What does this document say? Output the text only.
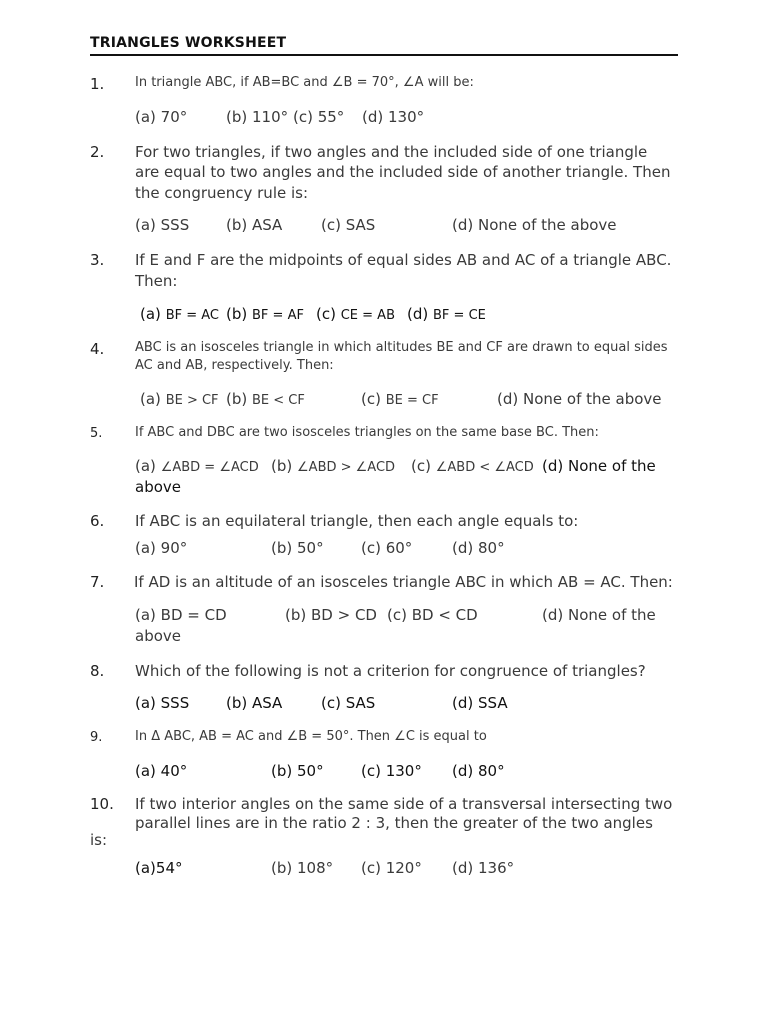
TRIANGLES WORKSHEET
1. In triangle ABC, if AB=BC and ∠B = 70°, ∠A will be:
(a) 70°	(b) 110° (c) 55° (d) 130°
2. For two triangles, if two angles and the included side of one triangle
are equal to two angles and the included side of another triangle. Then
the congruency rule is:
(a) SSS (b) ASA	(c) SAS	(d) None of the above
3. If E and F are the midpoints of equal sides AB and AC of a triangle ABC.
Then:
(a) BF = AC (b) BF = AF (c) CE = AB (d) BF = CE
4. ABC is an isosceles triangle in which altitudes BE and CF are drawn to equal sides
AC and AB, respectively. Then:
(a) BE > CF (b) BE < CF	(c) BE = CF	(d) None of the above
5.	If ABC and DBC are two isosceles triangles on the same base BC. Then:
(a) ∠ABD = ∠ACD (b) ∠ABD > ∠ACD (c) ∠ABD < ∠ACD (d) None of the
above
6. If ABC is an equilateral triangle, then each angle equals to:
(a) 90°	(b) 50° (c) 60°	(d) 80°
7. If AD is an altitude of an isosceles triangle ABC in which AB = AC. Then:
(a) BD = CD	(b) BD > CD (c) BD < CD	(d) None of the
above
8. Which of the following is not a criterion for congruence of triangles?
(a) SSS (b) ASA	(c) SAS	(d) SSA
9.	In Δ ABC, AB = AC and ∠B = 50°. Then ∠C is equal to
(a) 40°	(b) 50° (c) 130° (d) 80°
10. If two interior angles on the same side of a transversal intersecting two
parallel lines are in the ratio 2 : 3, then the greater of the two angles
is:
(a)54°	(b) 108° (c) 120° (d) 136°
